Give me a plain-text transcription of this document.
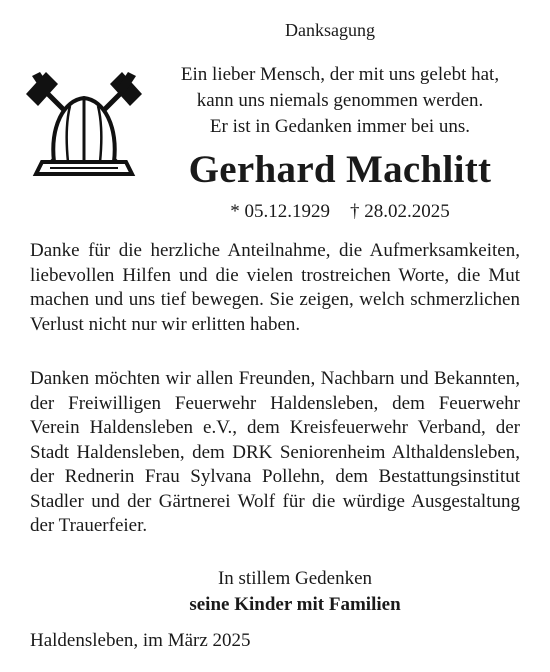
Danksagung
Ein lieber Mensch, der mit uns gelebt hat,
kann uns niemals genommen werden.
Er ist in Gedanken immer bei uns.
Gerhard Machlitt
* 05.12.1929 † 28.02.2025
Danke für die herzliche Anteilnahme, die Aufmerksamkeiten, liebevollen Hilfen und die vielen trostreichen Worte, die Mut machen und uns tief bewegen. Sie zeigen, welch schmerzlichen Verlust nicht nur wir erlitten haben.
Danken möchten wir allen Freunden, Nachbarn und Bekannten, der Freiwilligen Feuerwehr Haldensleben, dem Feuerwehr Verein Haldensleben e.V., dem Kreisfeuerwehr Verband, der Stadt Haldensleben, dem DRK Seniorenheim Althaldensleben, der Rednerin Frau Sylvana Pollehn, dem Bestattungsinstitut Stadler und der Gärtnerei Wolf für die würdige Ausgestaltung der Trauerfeier.
In stillem Gedenken
seine Kinder mit Familien
Haldensleben, im März 2025
